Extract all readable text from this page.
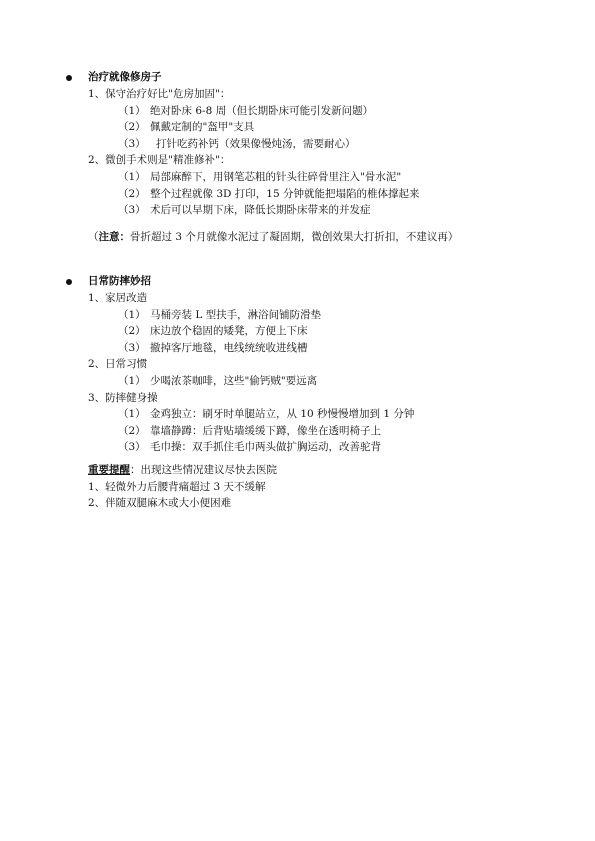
治疗就像修房子
1、保守治疗好比"危房加固"：
（1） 绝对卧床 6-8 周（但长期卧床可能引发新问题）
（2） 佩戴定制的"盔甲"支具
（3） 打针吃药补钙（效果像慢炖汤，需要耐心）
2、微创手术则是"精准修补"：
（1） 局部麻醉下，用钢笔芯粗的针头往碎骨里注入"骨水泥"
（2） 整个过程就像 3D 打印，15 分钟就能把塌陷的椎体撑起来
（3） 术后可以早期下床，降低长期卧床带来的并发症
（注意：骨折超过 3 个月就像水泥过了凝固期，微创效果大打折扣，不建议再）
日常防摔妙招
1、家居改造
（1） 马桶旁装 L 型扶手，淋浴间铺防滑垫
（2） 床边放个稳固的矮凳，方便上下床
（3） 撤掉客厅地毯，电线统统收进线槽
2、日常习惯
（1） 少喝浓茶咖啡，这些"偷钙贼"要远离
3、防摔健身操
（1） 金鸡独立：刷牙时单腿站立，从 10 秒慢慢增加到 1 分钟
（2） 靠墙静蹲：后背贴墙缓缓下蹲，像坐在透明椅子上
（3） 毛巾操：双手抓住毛巾两头做扩胸运动，改善驼背
重要提醒：出现这些情况建议尽快去医院
1、轻微外力后腰背痛超过 3 天不缓解
2、伴随双腿麻木或大小便困难
